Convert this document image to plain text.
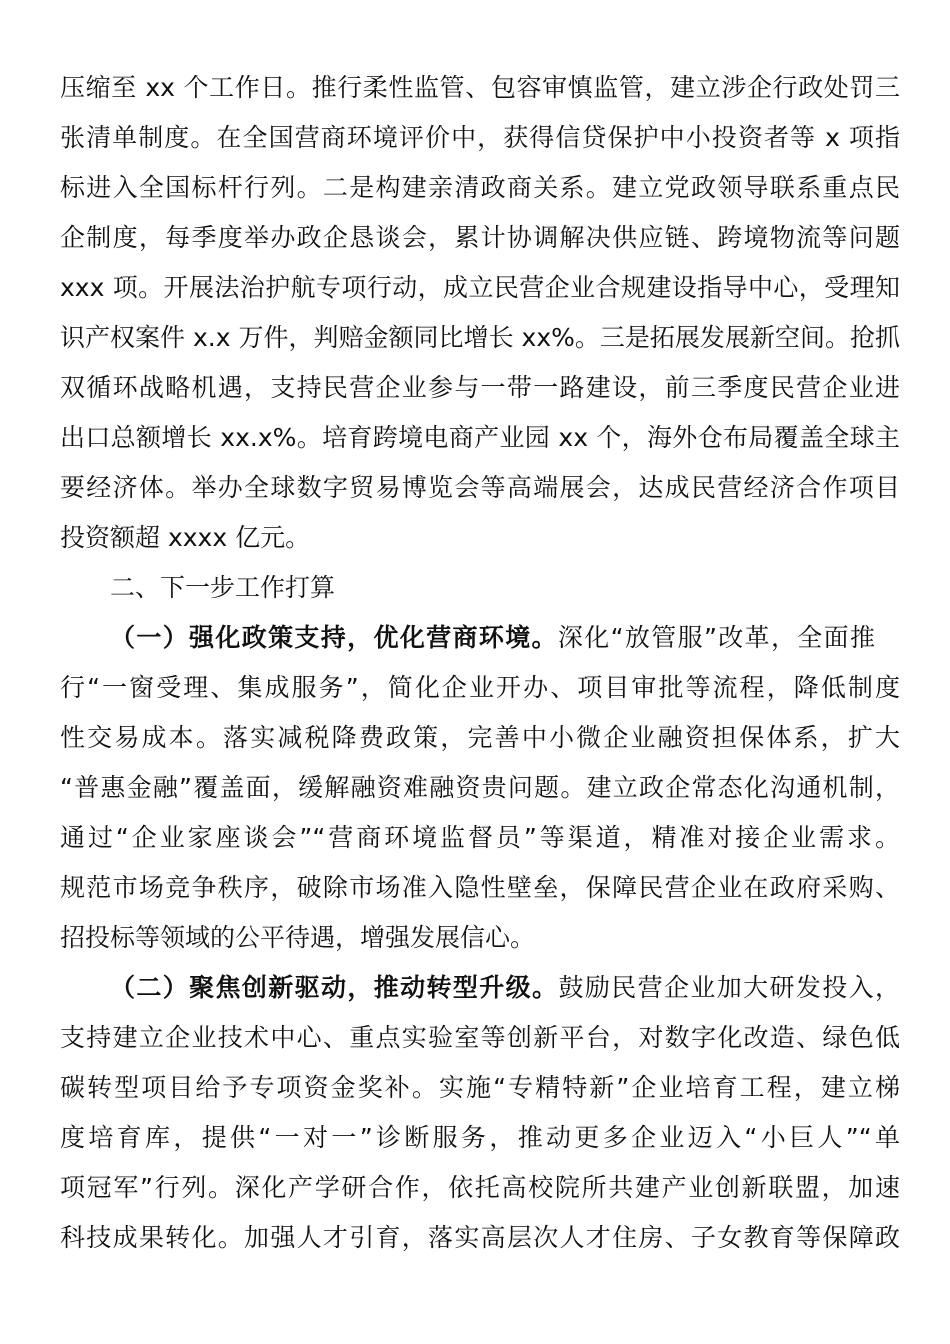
压缩至 xx 个工作日。推行柔性监管、包容审慎监管，建立涉企行政处罚三
张清单制度。在全国营商环境评价中，获得信贷保护中小投资者等 x 项指
标进入全国标杆行列。二是构建亲清政商关系。建立党政领导联系重点民
企制度，每季度举办政企恳谈会，累计协调解决供应链、跨境物流等问题
xxx 项。开展法治护航专项行动，成立民营企业合规建设指导中心，受理知
识产权案件 x.x 万件，判赔金额同比增长 xx%。三是拓展发展新空间。抢抓
双循环战略机遇，支持民营企业参与一带一路建设，前三季度民营企业进
出口总额增长 xx.x%。培育跨境电商产业园 xx 个，海外仓布局覆盖全球主
要经济体。举办全球数字贸易博览会等高端展会，达成民营经济合作项目
投资额超 xxxx 亿元。
二、下一步工作打算
（一）强化政策支持，优化营商环境。深化“放管服”改革，全面推
行“一窗受理、集成服务”，简化企业开办、项目审批等流程，降低制度
性交易成本。落实减税降费政策，完善中小微企业融资担保体系，扩大
“普惠金融”覆盖面，缓解融资难融资贵问题。建立政企常态化沟通机制，
通过“企业家座谈会”“营商环境监督员”等渠道，精准对接企业需求。
规范市场竞争秩序，破除市场准入隐性壁垒，保障民营企业在政府采购、
招投标等领域的公平待遇，增强发展信心。
（二）聚焦创新驱动，推动转型升级。鼓励民营企业加大研发投入，
支持建立企业技术中心、重点实验室等创新平台，对数字化改造、绿色低
碳转型项目给予专项资金奖补。实施“专精特新”企业培育工程，建立梯
度培育库，提供“一对一”诊断服务，推动更多企业迈入“小巨人”“单
项冠军”行列。深化产学研合作，依托高校院所共建产业创新联盟，加速
科技成果转化。加强人才引育，落实高层次人才住房、子女教育等保障政
